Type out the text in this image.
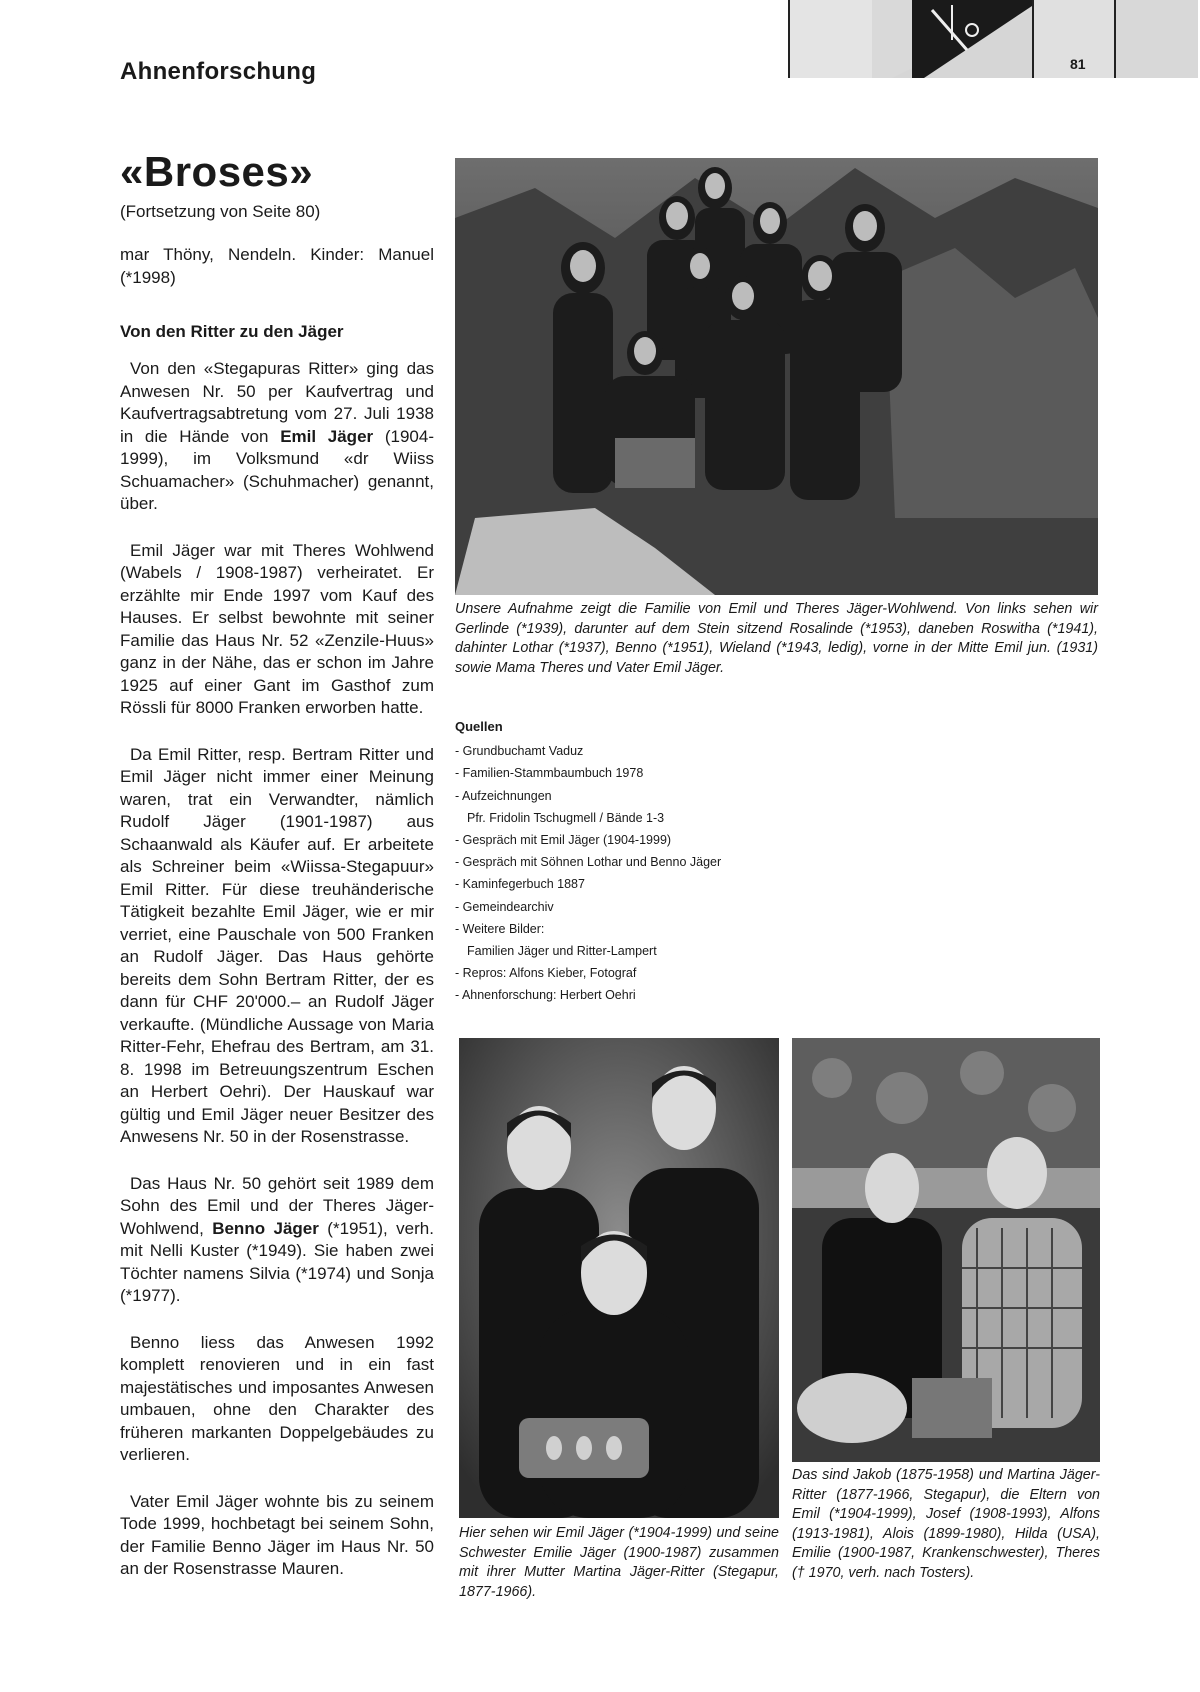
Ahnenforschung	81
«Broses»
(Fortsetzung von Seite 80)

mar Thöny, Nendeln. Kinder: Manuel (*1998)

Von den Ritter zu den Jäger

Von den «Stegapuras Ritter» ging das Anwesen Nr. 50 per Kaufvertrag und Kaufvertragsabtretung vom 27. Juli 1938 in die Hände von Emil Jäger (1904-1999), im Volksmund «dr Wiiss Schuamacher» (Schuhmacher) genannt, über.

Emil Jäger war mit Theres Wohlwend (Wabels / 1908-1987) verheiratet. Er erzählte mir Ende 1997 vom Kauf des Hauses. Er selbst bewohnte mit seiner Familie das Haus Nr. 52 «Zenzile-Huus» ganz in der Nähe, das er schon im Jahre 1925 auf einer Gant im Gasthof zum Rössli für 8000 Franken erworben hatte.

Da Emil Ritter, resp. Bertram Ritter und Emil Jäger nicht immer einer Meinung waren, trat ein Verwandter, nämlich Rudolf Jäger (1901-1987) aus Schaanwald als Käufer auf. Er arbeitete als Schreiner beim «Wiissa-Stegapuur» Emil Ritter. Für diese treuhänderische Tätigkeit bezahlte Emil Jäger, wie er mir verriet, eine Pauschale von 500 Franken an Rudolf Jäger. Das Haus gehörte bereits dem Sohn Bertram Ritter, der es dann für CHF 20'000.– an Rudolf Jäger verkaufte. (Mündliche Aussage von Maria Ritter-Fehr, Ehefrau des Bertram, am 31. 8. 1998 im Betreuungszentrum Eschen an Herbert Oehri). Der Hauskauf war gültig und Emil Jäger neuer Besitzer des Anwesens Nr. 50 in der Rosenstrasse.

Das Haus Nr. 50 gehört seit 1989 dem Sohn des Emil und der Theres Jäger-Wohlwend, Benno Jäger (*1951), verh. mit Nelli Kuster (*1949). Sie haben zwei Töchter namens Silvia (*1974) und Sonja (*1977).

Benno liess das Anwesen 1992 komplett renovieren und in ein fast majestätisches und imposantes Anwesen umbauen, ohne den Charakter des früheren markanten Doppelgebäudes zu verlieren.

Vater Emil Jäger wohnte bis zu seinem Tode 1999, hochbetagt bei seinem Sohn, der Familie Benno Jäger im Haus Nr. 50 an der Rosenstrasse Mauren.

Unsere Aufnahme zeigt die Familie von Emil und Theres Jäger-Wohlwend. Von links sehen wir Gerlinde (*1939), darunter auf dem Stein sitzend Rosalinde (*1953), daneben Roswitha (*1941), dahinter Lothar (*1937), Benno (*1951), Wieland (*1943, ledig), vorne in der Mitte Emil jun. (1931) sowie Mama Theres und Vater Emil Jäger.
Quellen
- Grundbuchamt Vaduz
- Familien-Stammbaumbuch 1978
- Aufzeichnungen
Pfr. Fridolin Tschugmell / Bände 1-3
- Gespräch mit Emil Jäger (1904-1999)
- Gespräch mit Söhnen Lothar und Benno Jäger
- Kaminfegerbuch 1887
- Gemeindearchiv
- Weitere Bilder:
Familien Jäger und Ritter-Lampert
- Repros: Alfons Kieber, Fotograf
- Ahnenforschung: Herbert Oehri
Hier sehen wir Emil Jäger (*1904-1999) und seine Schwester Emilie Jäger (1900-1987) zusammen mit ihrer Mutter Martina Jäger-Ritter (Stegapur, 1877-1966).
Das sind Jakob (1875-1958) und Martina Jäger-Ritter (1877-1966, Stegapur), die Eltern von Emil (*1904-1999), Josef (1908-1993), Alfons (1913-1981), Alois (1899-1980), Hilda (USA), Emilie (1900-1987, Krankenschwester), Theres († 1970, verh. nach Tosters).
